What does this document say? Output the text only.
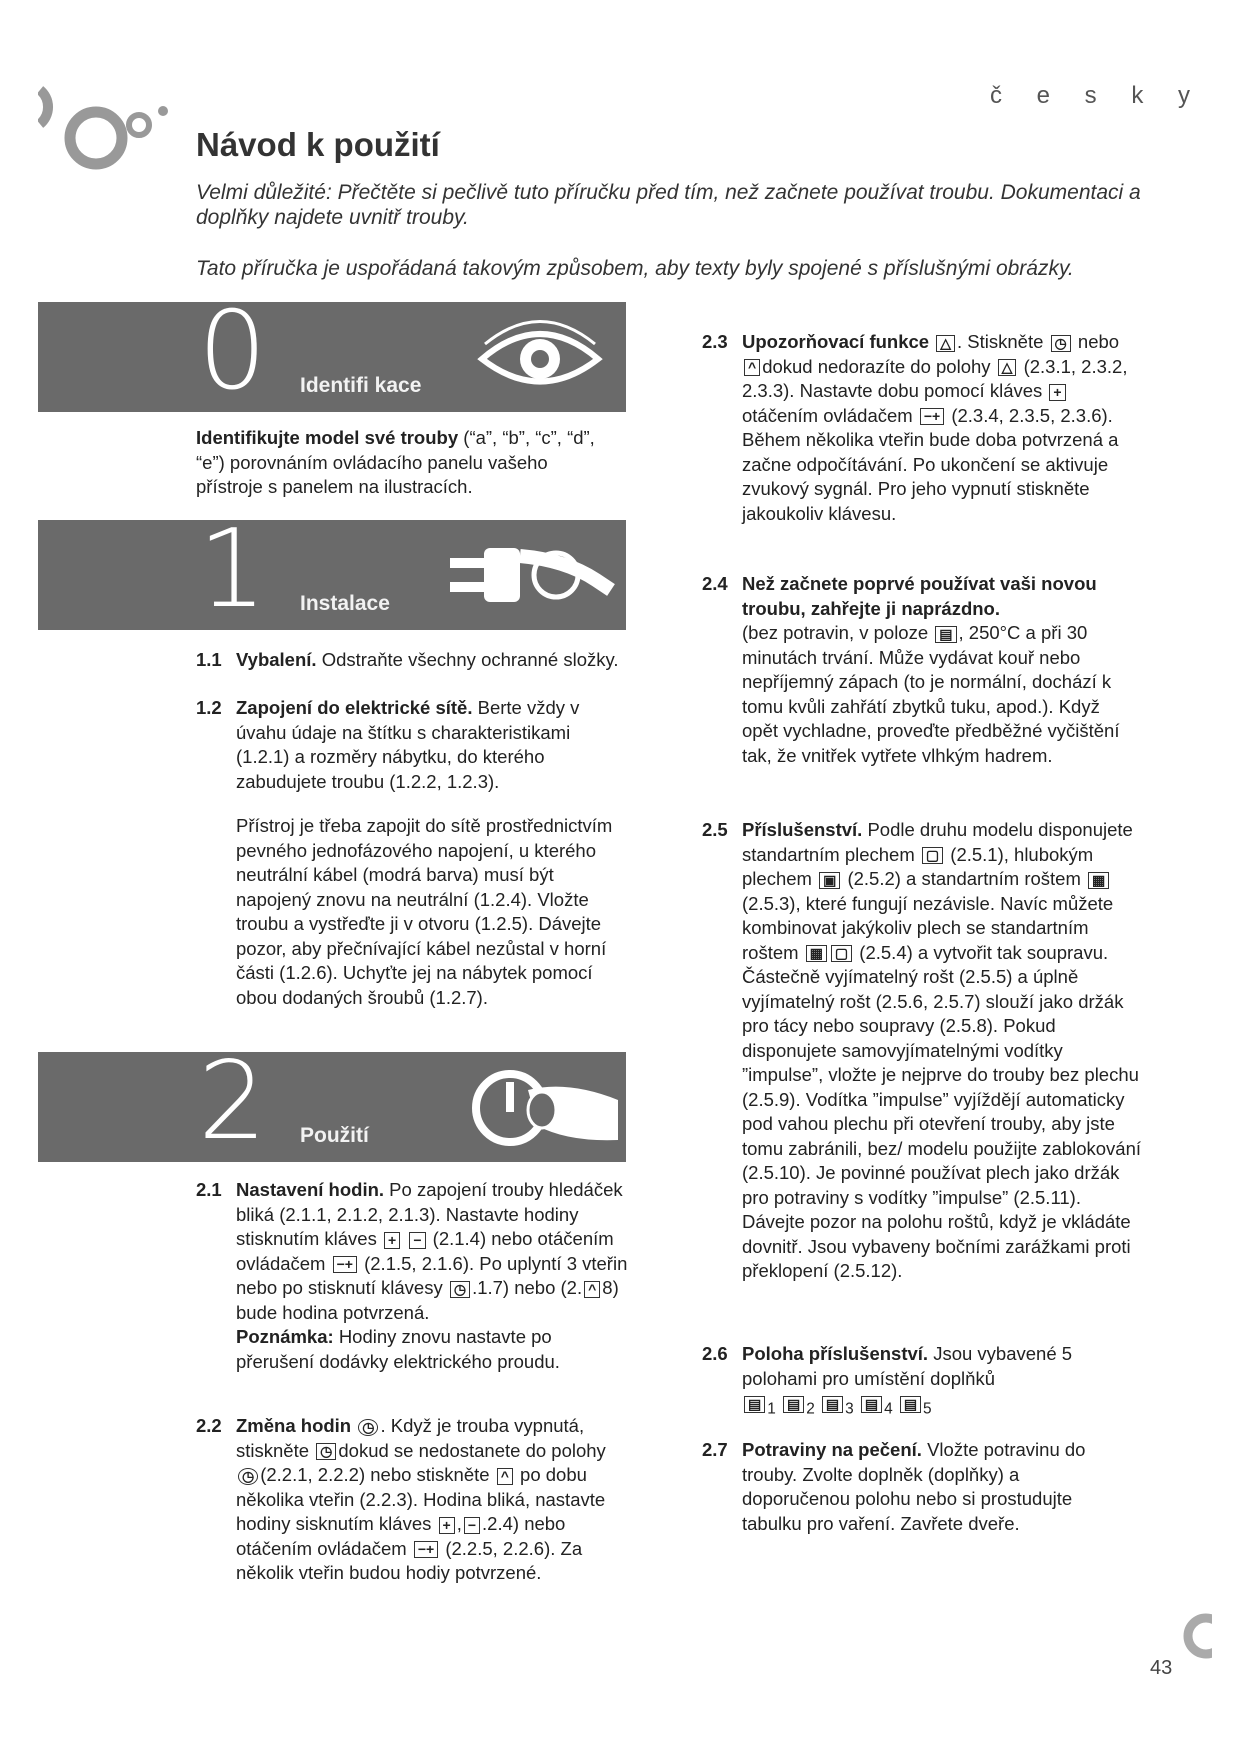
č e s k y
Návod k použití
Velmi důležité: Přečtěte si pečlivě tuto příručku před tím, než začnete používat troubu. Dokumentaci a doplňky najdete uvnitř trouby.
Tato příručka je uspořádaná takovým způsobem, aby texty byly spojené s příslušnými obrázky.
0 Identifi kace
Identifikujte model své trouby (“a”, “b”, “c”, “d”, “e”) porovnáním ovládacího panelu vašeho přístroje s panelem na ilustracích.
1 Instalace
1.1 Vybalení. Odstraňte všechny ochranné složky.
1.2 Zapojení do elektrické sítě. Berte vždy v úvahu údaje na štítku s charakteristikami (1.2.1) a rozměry nábytku, do kterého zabudujete troubu (1.2.2, 1.2.3).
Přístroj je třeba zapojit do sítě prostřednictvím pevného jednofázového napojení, u kterého neutrální kábel (modrá barva) musí být napojený znovu na neutrální (1.2.4). Vložte troubu a vystřeďte ji v otvoru (1.2.5). Dávejte pozor, aby přečnívající kábel nezůstal v horní části (1.2.6). Uchyťte jej na nábytek pomocí obou dodaných šroubů (1.2.7).
2 Použití
2.1 Nastavení hodin. Po zapojení trouby hledáček bliká (2.1.1, 2.1.2, 2.1.3). Nastavte hodiny stisknutím kláves + − (2.1.4) nebo otáčením ovládačem −+ (2.1.5, 2.1.6). Po uplyntí 3 vteřin nebo po stisknutí klávesy ◷ .1.7) nebo (2. ^ 8) bude hodina potvrzená.
Poznámka: Hodiny znovu nastavte po přerušení dodávky elektrického proudu.
2.2 Změna hodin ◷ . Když je trouba vypnutá, stiskněte ◷ dokud se nedostanete do polohy ◷ (2.2.1, 2.2.2) nebo stiskněte ^ po dobu několika vteřin (2.2.3). Hodina bliká, nastavte hodiny sisknutím kláves + , − .2.4) nebo otáčením ovládačem −+ (2.2.5, 2.2.6). Za několik vteřin budou hodiy potvrzené.
2.3 Upozorňovací funkce △ . Stiskněte ◷ nebo ^ dokud nedorazíte do polohy △ (2.3.1, 2.3.2, 2.3.3). Nastavte dobu pomocí kláves + otáčením ovládačem −+ (2.3.4, 2.3.5, 2.3.6). Během několika vteřin bude doba potvrzená a začne odpočítávání. Po ukončení se aktivuje zvukový sygnál. Pro jeho vypnutí stiskněte jakoukoliv klávesu.
2.4 Než začnete poprvé používat vaši novou troubu, zahřejte ji naprázdno.
(bez potravin, v poloze ▤ , 250°C a při 30 minutách trvání. Může vydávat kouř nebo nepříjemný zápach (to je normální, dochází k tomu kvůli zahřátí zbytků tuku, apod.). Když opět vychladne, proveďte předběžné vyčištění tak, že vnitřek vytřete vlhkým hadrem.
2.5 Příslušenství. Podle druhu modelu disponujete standartním plechem ▢ (2.5.1), hlubokým plechem ▣ (2.5.2) a standartním roštem ▦ (2.5.3), které fungují nezávisle. Navíc můžete kombinovat jakýkoliv plech se standartním roštem ▦ ▢ (2.5.4) a vytvořit tak soupravu. Částečně vyjímatelný rošt (2.5.5) a úplně vyjímatelný rošt (2.5.6, 2.5.7) slouží jako držák pro tácy nebo soupravy (2.5.8). Pokud disponujete samovyjímatelnými vodítky ”impulse”, vložte je nejprve do trouby bez plechu (2.5.9). Vodítka ”impulse” vyjíždějí automaticky pod vahou plechu při otevření trouby, aby jste tomu zabránili, bez/ modelu použijte zablokování (2.5.10). Je povinné používat plech jako držák pro potraviny s vodítky ”impulse” (2.5.11). Dávejte pozor na polohu roštů, když je vkládáte dovnitř. Jsou vybaveny bočními zarážkami proti překlopení (2.5.12).
2.6 Poloha příslušenství. Jsou vybavené 5 polohami pro umístění doplňků
▤ $_1$ ▤ $_2$ ▤ $_3$ ▤ $_4$ ▤ $_5$
2.7 Potraviny na pečení. Vložte potravinu do trouby. Zvolte doplněk (doplňky) a doporučenou polohu nebo si prostudujte tabulku pro vaření. Zavřete dveře.
43
